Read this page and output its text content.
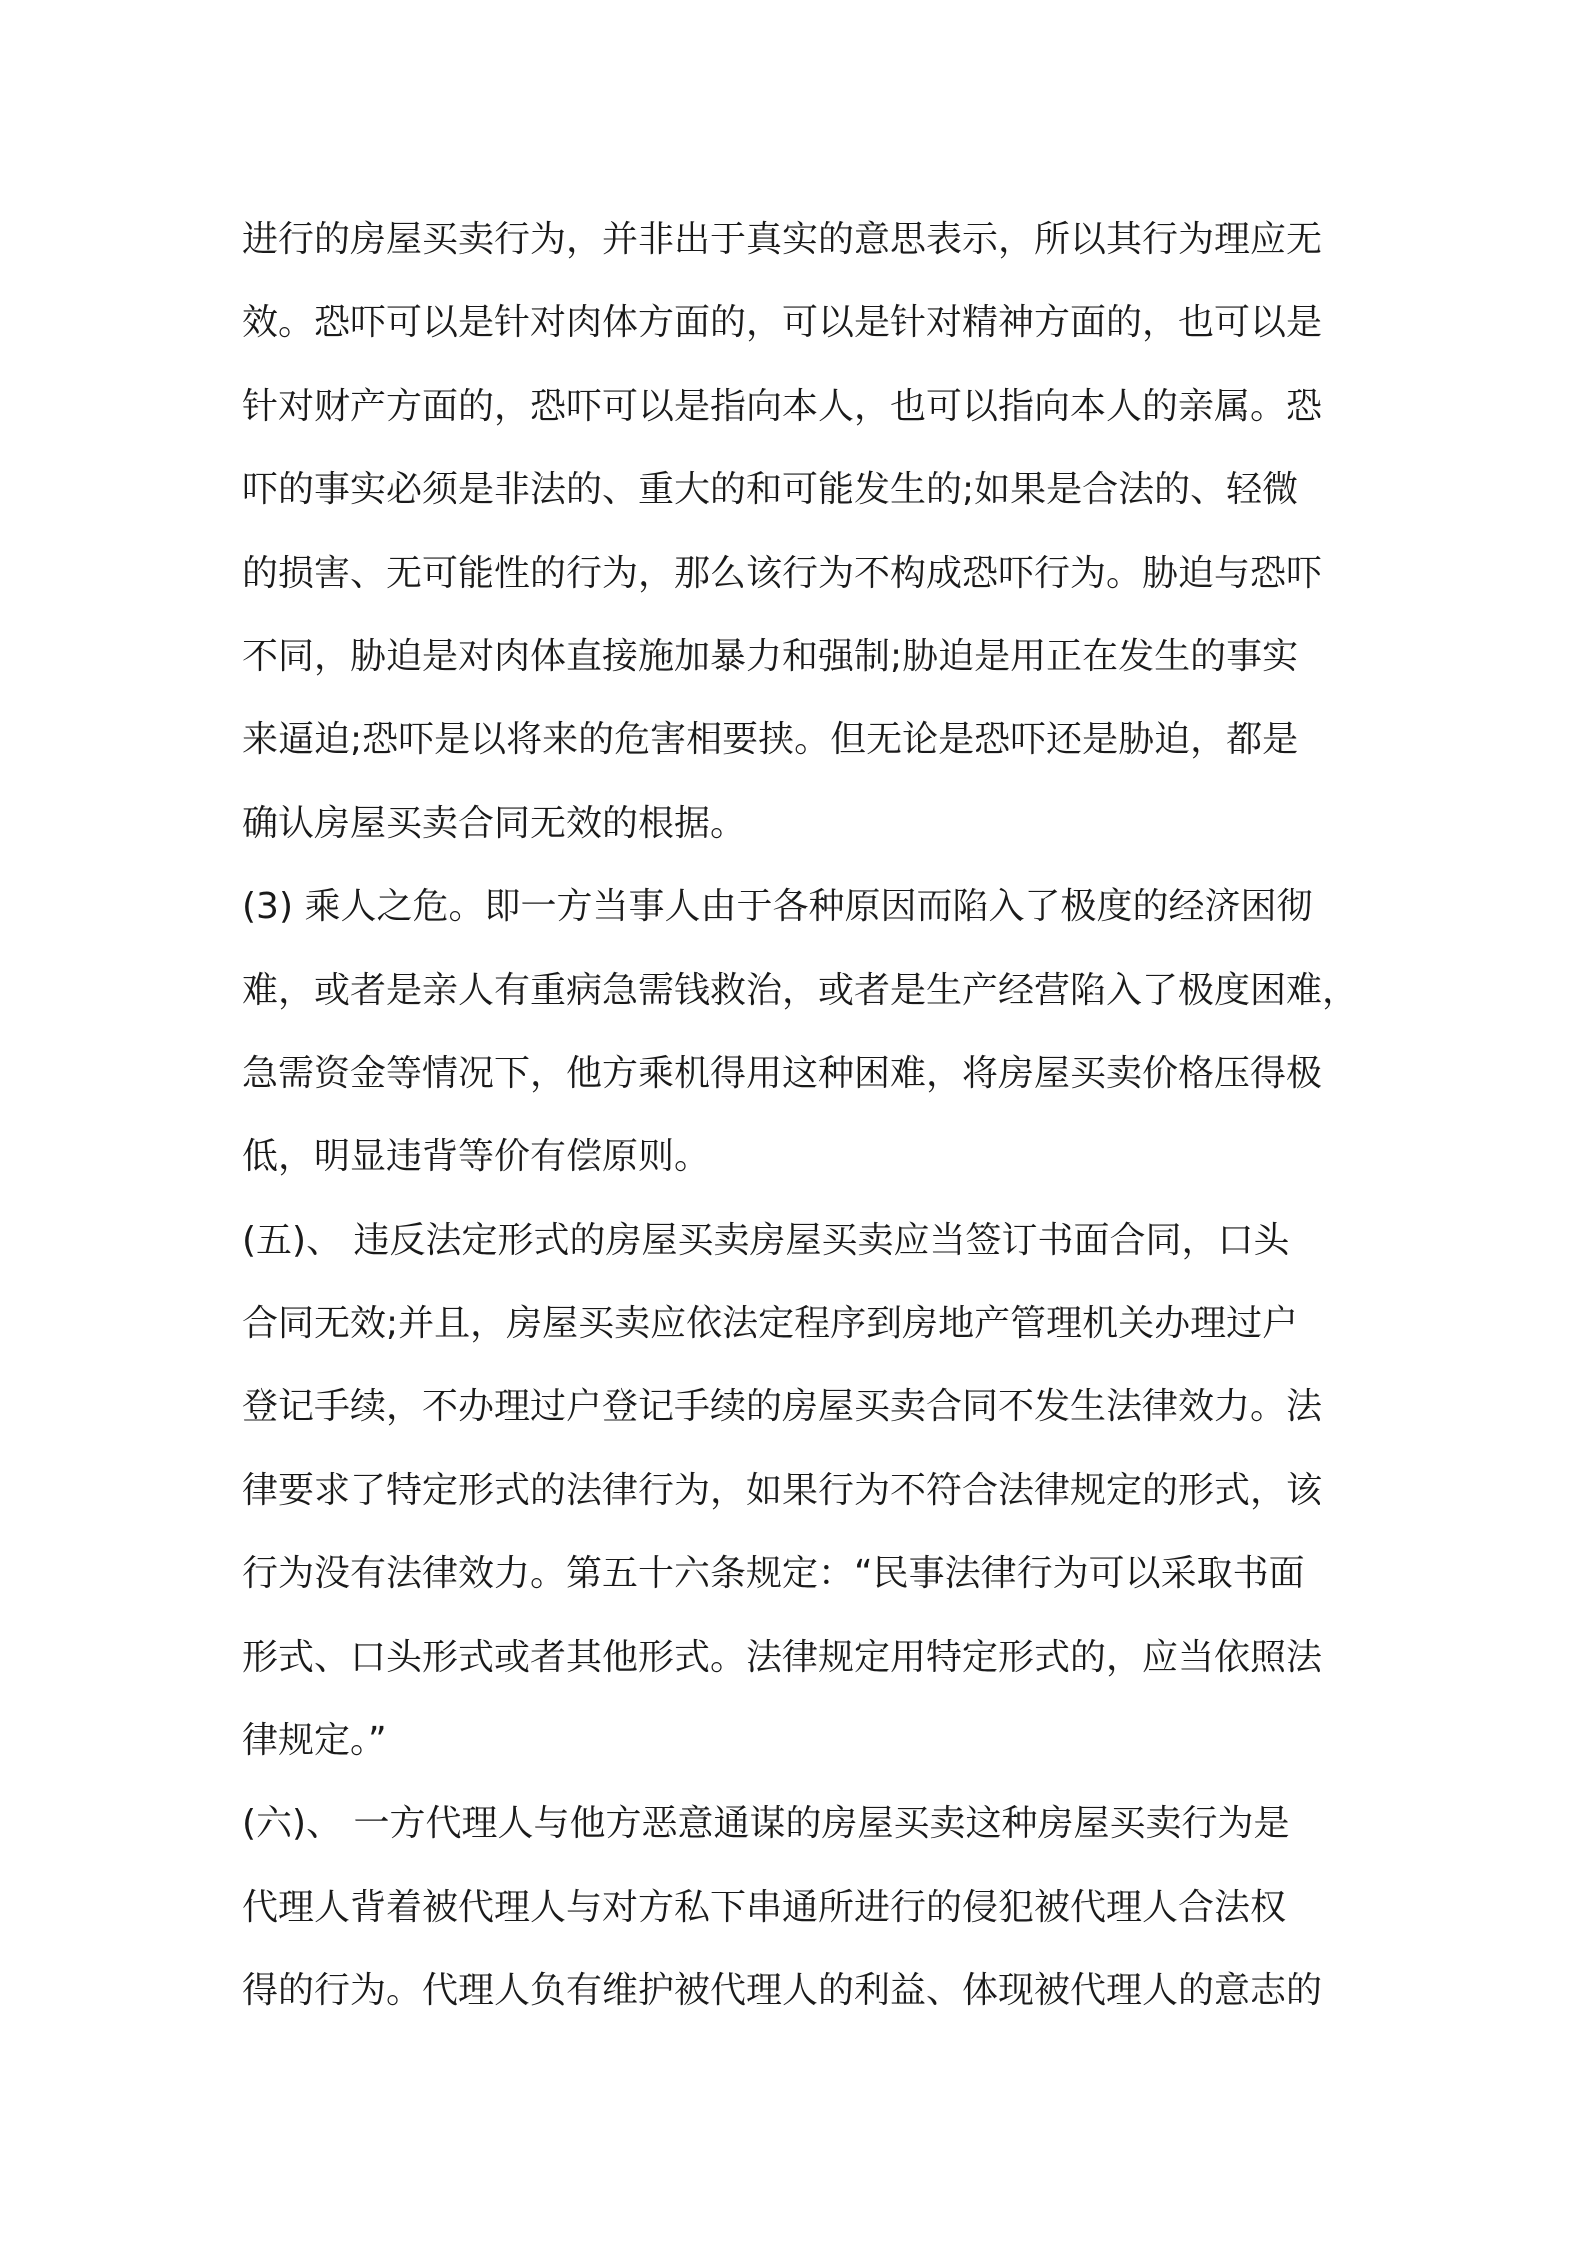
进行的房屋买卖行为，并非出于真实的意思表示，所以其行为理应无
效。恐吓可以是针对肉体方面的，可以是针对精神方面的，也可以是
针对财产方面的，恐吓可以是指向本人，也可以指向本人的亲属。恐
吓的事实必须是非法的、重大的和可能发生的;如果是合法的、轻微
的损害、无可能性的行为，那么该行为不构成恐吓行为。胁迫与恐吓
不同，胁迫是对肉体直接施加暴力和强制;胁迫是用正在发生的事实
来逼迫;恐吓是以将来的危害相要挟。但无论是恐吓还是胁迫，都是
确认房屋买卖合同无效的根据。
(3) 乘人之危。即一方当事人由于各种原因而陷入了极度的经济困彻
难，或者是亲人有重病急需钱救治，或者是生产经营陷入了极度困难，
急需资金等情况下，他方乘机得用这种困难，将房屋买卖价格压得极
低，明显违背等价有偿原则。
(五)、 违反法定形式的房屋买卖房屋买卖应当签订书面合同，口头
合同无效;并且，房屋买卖应依法定程序到房地产管理机关办理过户
登记手续，不办理过户登记手续的房屋买卖合同不发生法律效力。法
律要求了特定形式的法律行为，如果行为不符合法律规定的形式，该
行为没有法律效力。第五十六条规定：“民事法律行为可以采取书面
形式、口头形式或者其他形式。法律规定用特定形式的，应当依照法
律规定。”
(六)、 一方代理人与他方恶意通谋的房屋买卖这种房屋买卖行为是
代理人背着被代理人与对方私下串通所进行的侵犯被代理人合法权
得的行为。代理人负有维护被代理人的利益、体现被代理人的意志的
